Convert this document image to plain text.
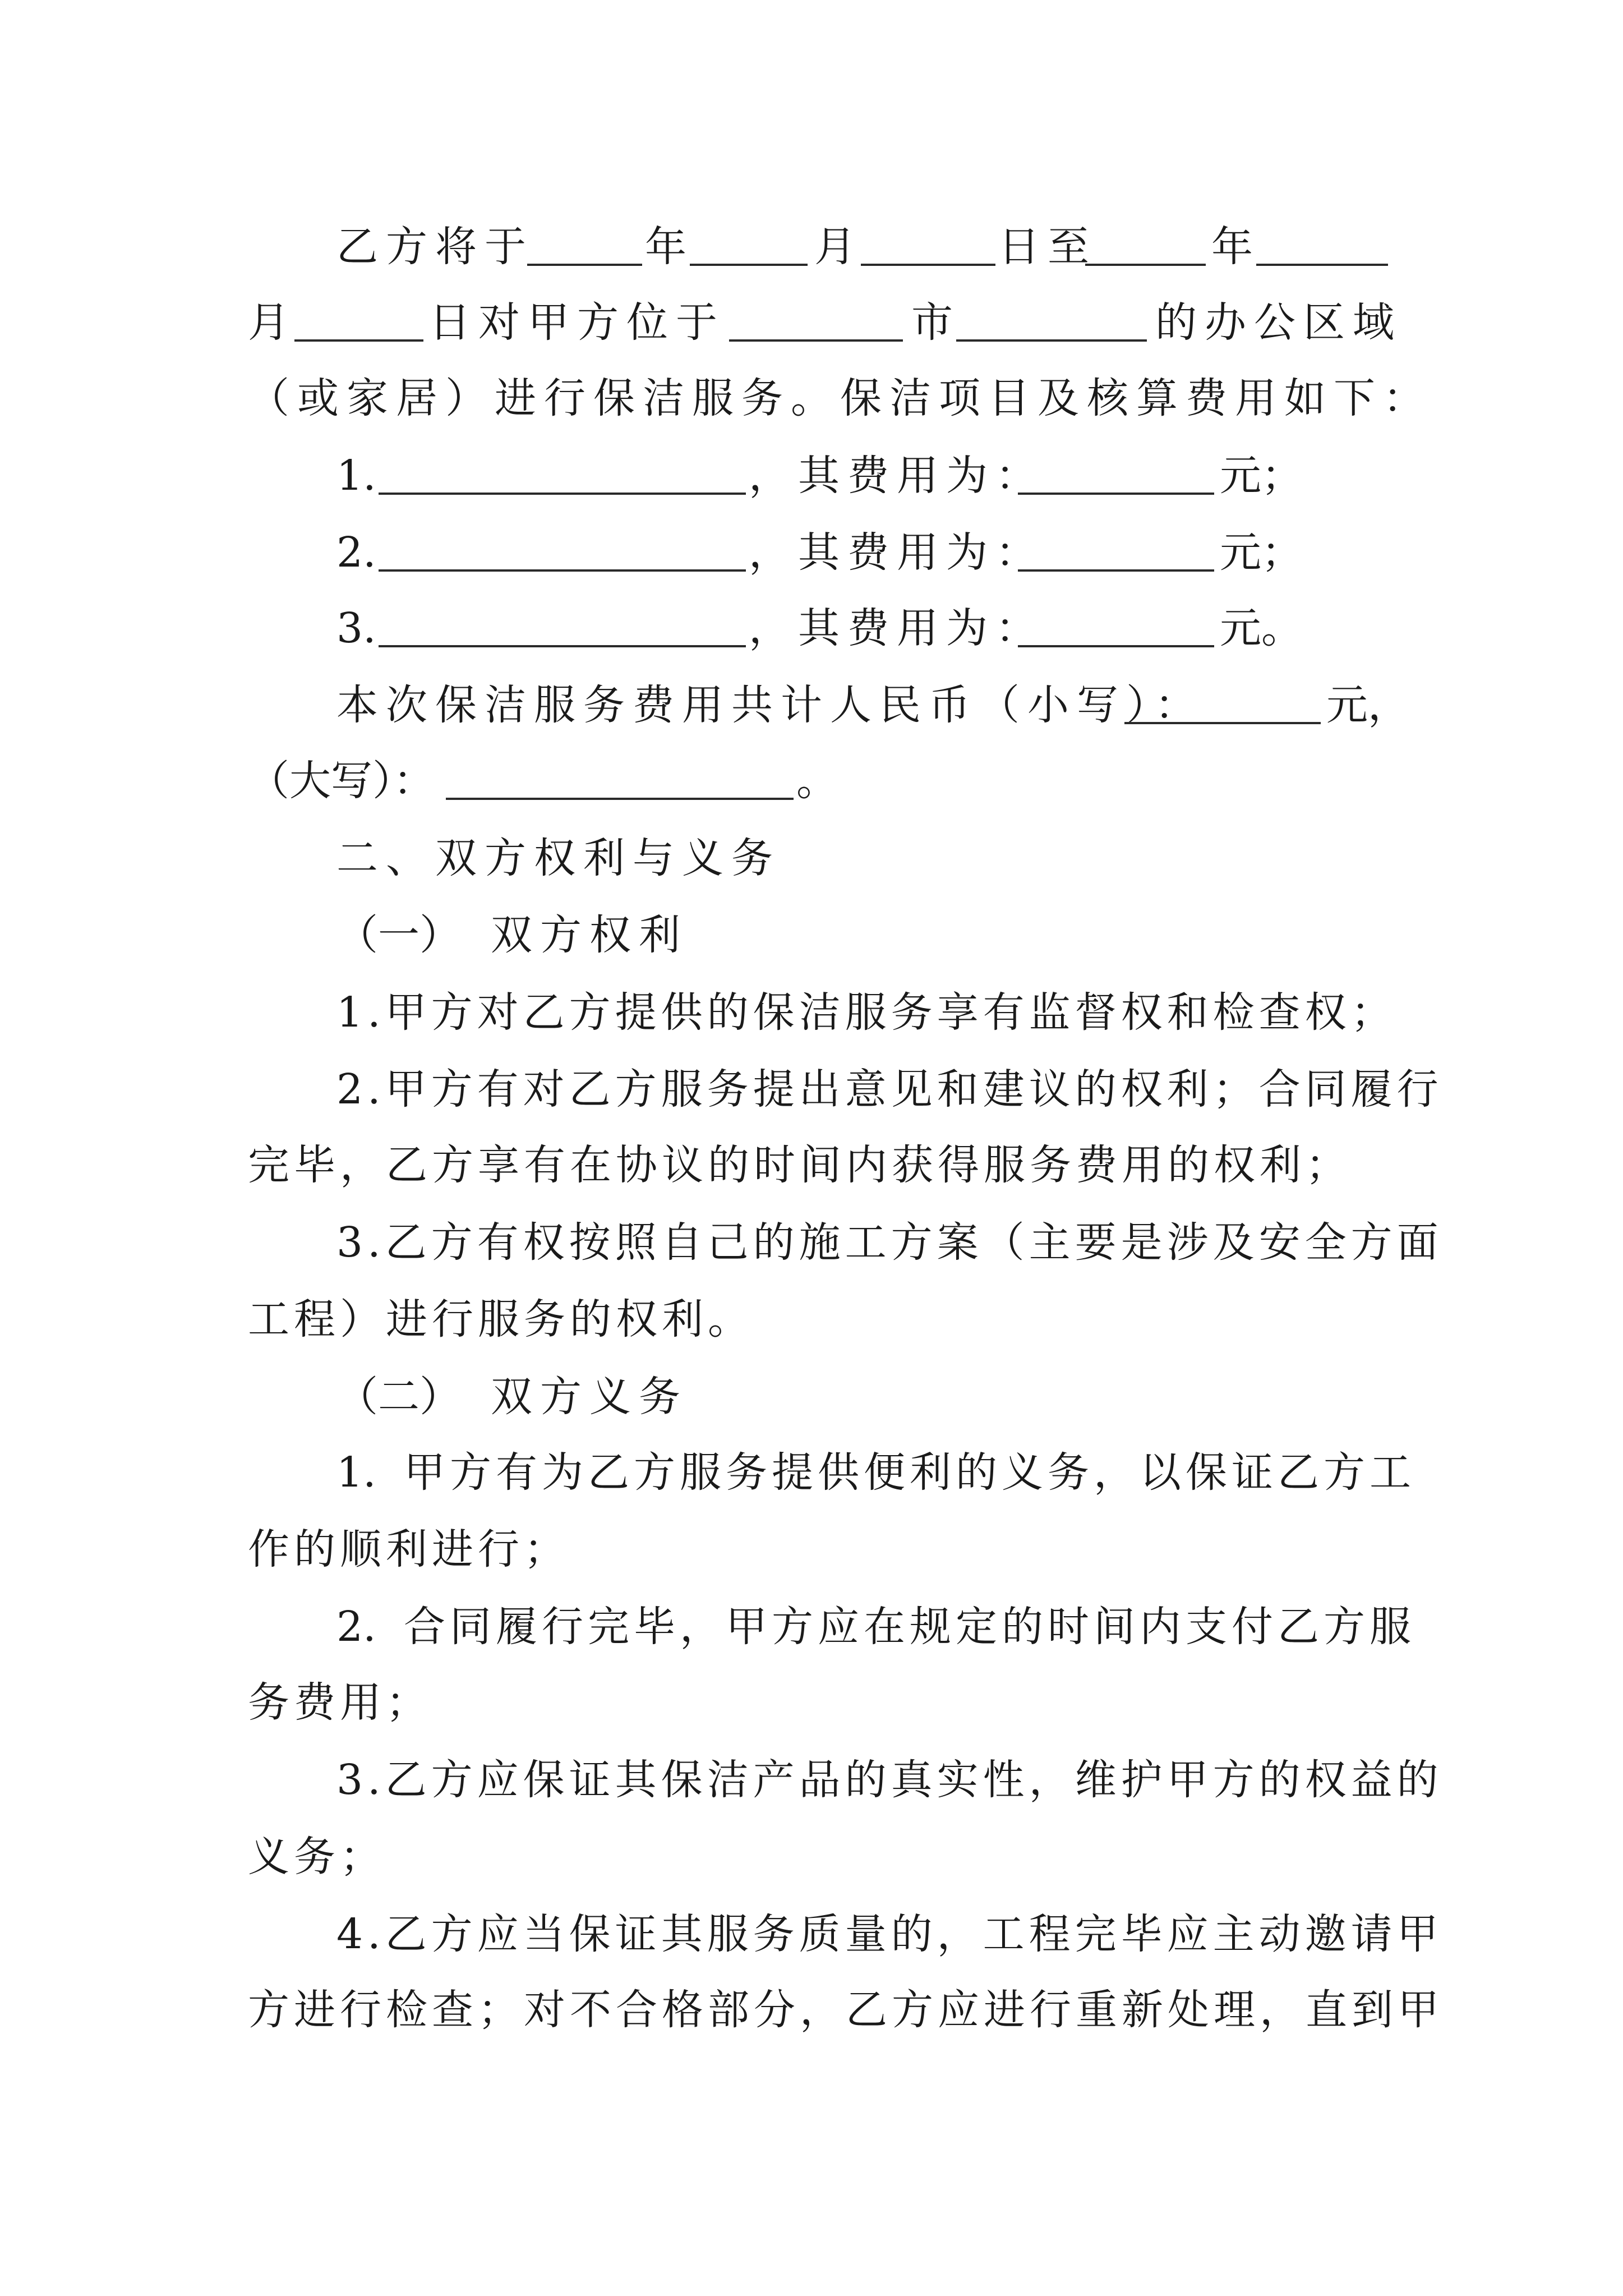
乙方将于	年	月	日至	年
月	日对甲方位于	市	的办公区域
（或家居）进行保洁服务。保洁项目及核算费用如下：
1.	，其费用为：	元；
2.	，其费用为：	元；
3.	，其费用为：	元。
本次保洁服务费用共计人民币（小写）：	元，
（大写）：	。
二、双方权利与义务
（一） 双方权利
1.甲方对乙方提供的保洁服务享有监督权和检查权；
2.甲方有对乙方服务提出意见和建议的权利；合同履行
完毕，乙方享有在协议的时间内获得服务费用的权利；
3.乙方有权按照自己的施工方案（主要是涉及安全方面
工程）进行服务的权利。
（二） 双方义务
1. 甲方有为乙方服务提供便利的义务，以保证乙方工
作的顺利进行；
2. 合同履行完毕，甲方应在规定的时间内支付乙方服
务费用；
3.乙方应保证其保洁产品的真实性，维护甲方的权益的
义务；
4.乙方应当保证其服务质量的，工程完毕应主动邀请甲
方进行检查；对不合格部分，乙方应进行重新处理，直到甲
